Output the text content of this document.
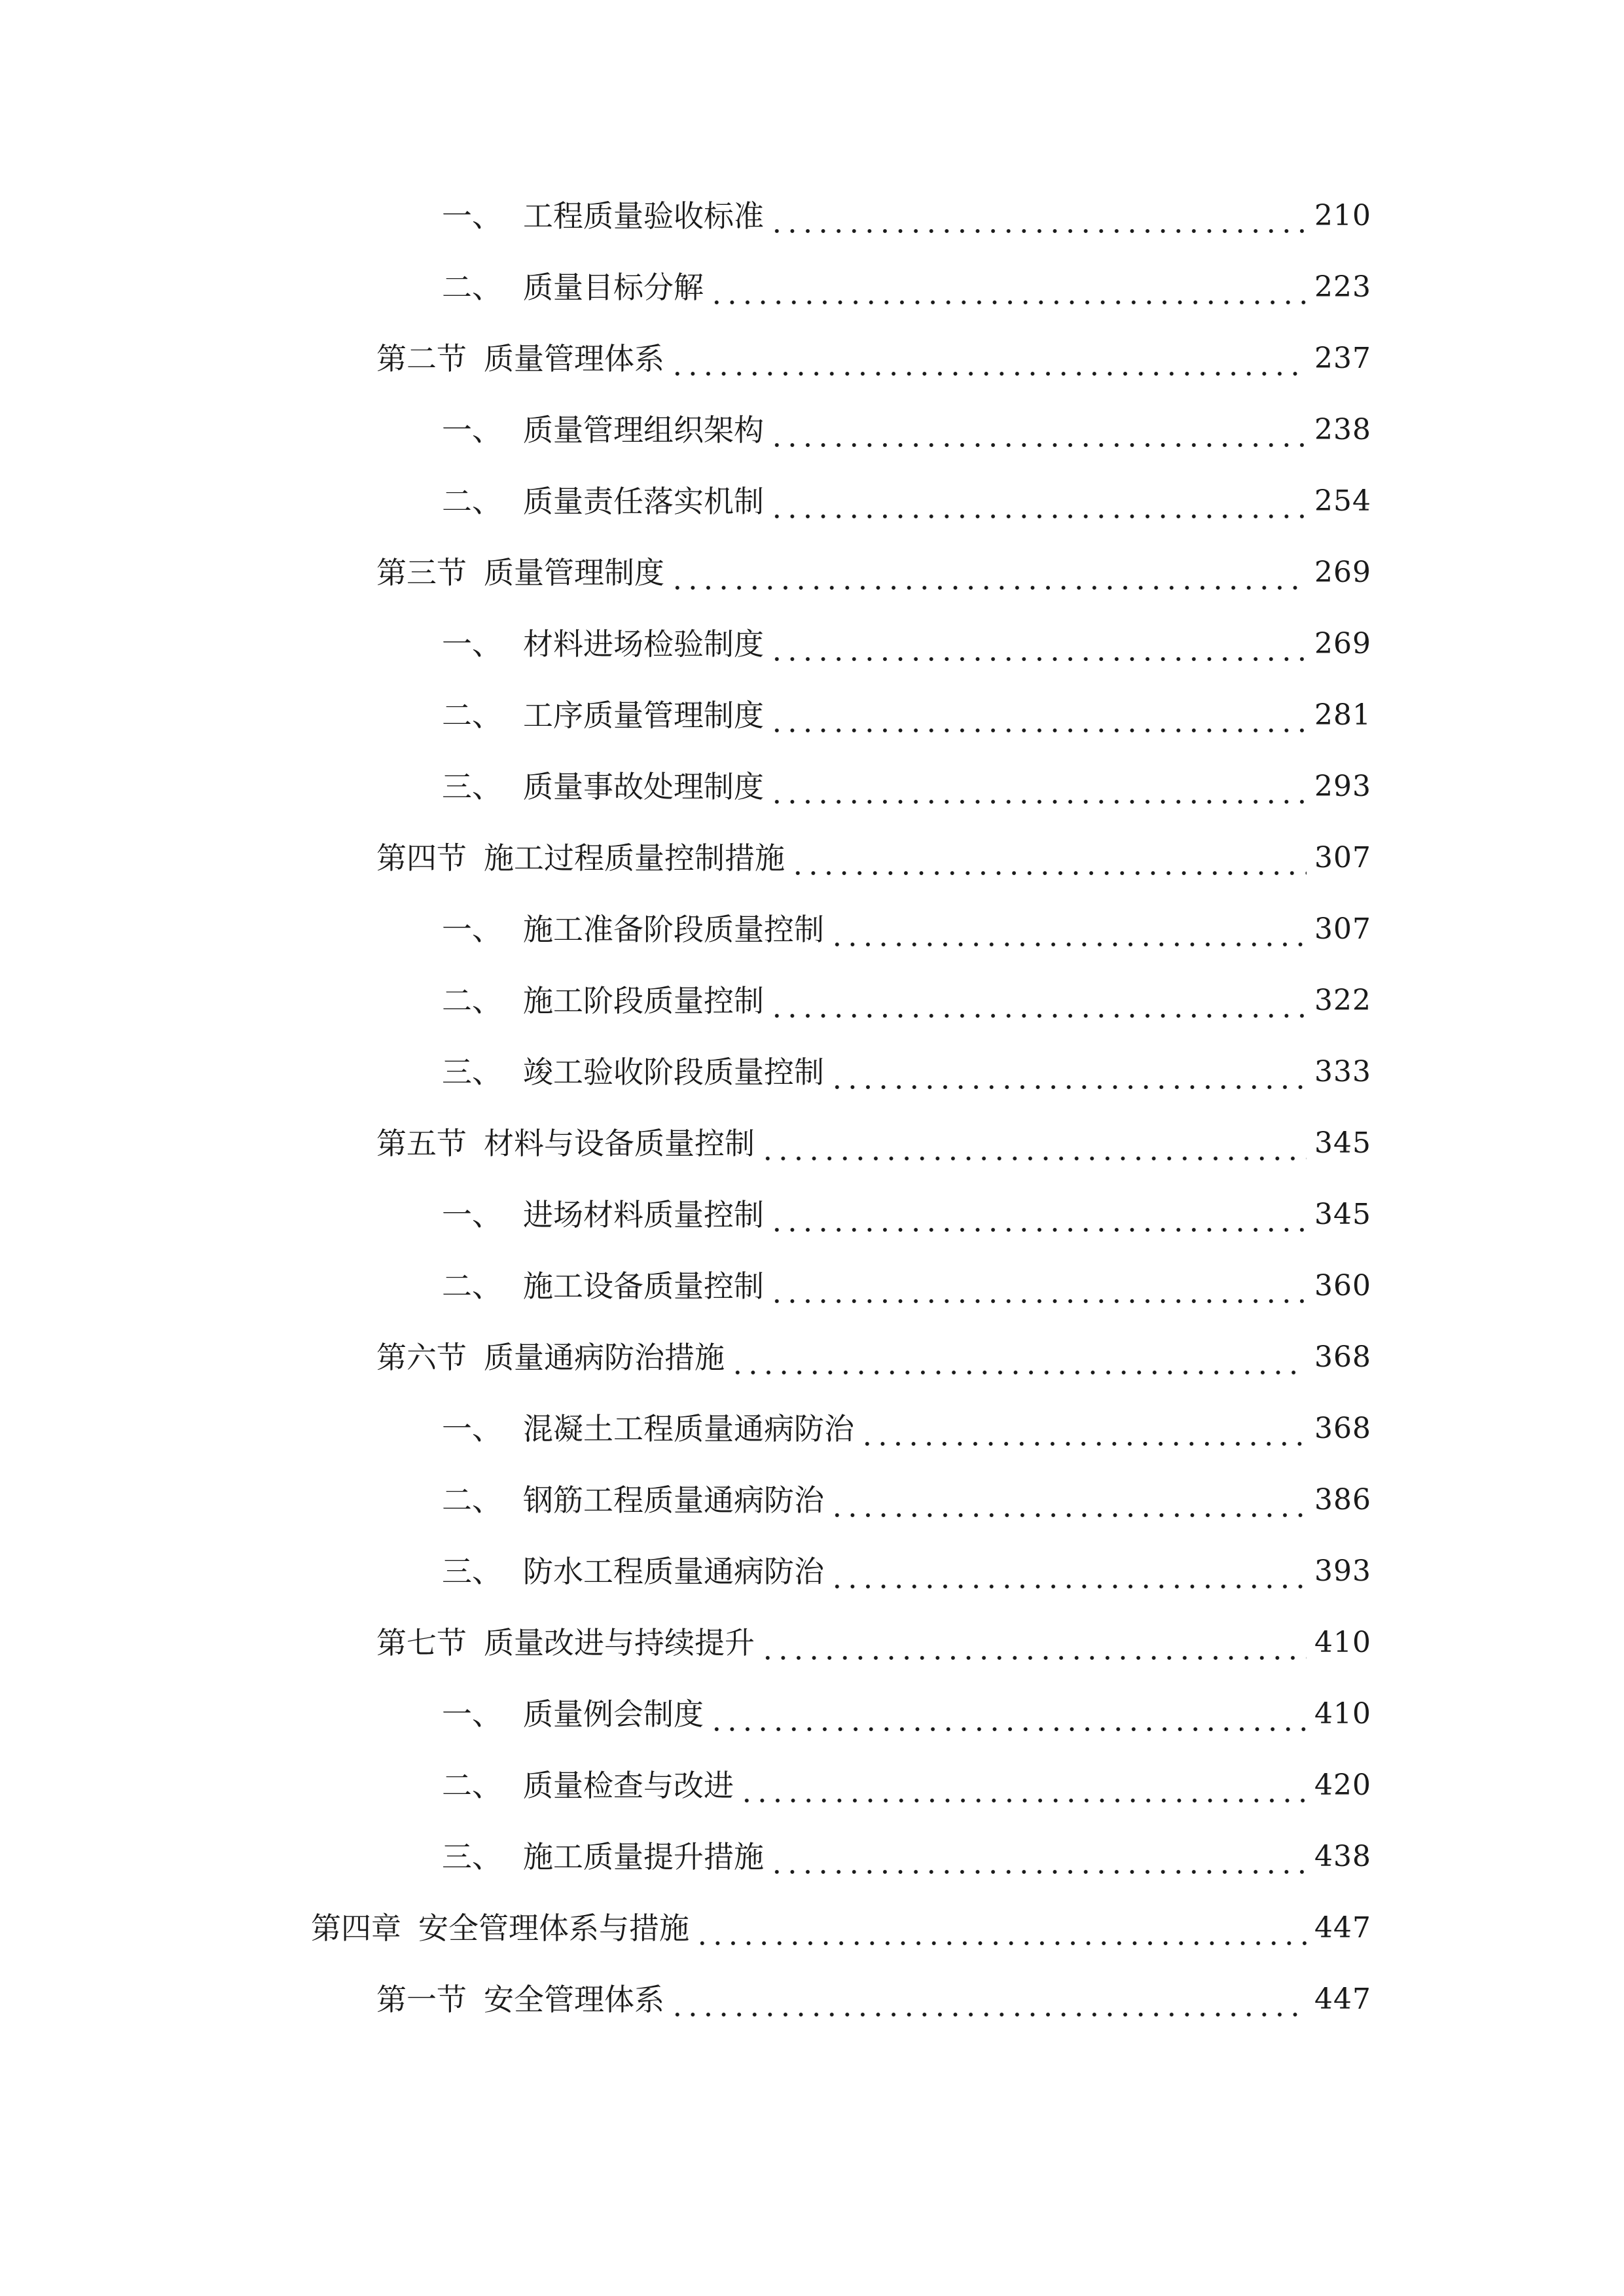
一、 工程质量验收标准	210
二、 质量目标分解	223
第二节 质量管理体系	237
一、 质量管理组织架构	238
二、 质量责任落实机制	254
第三节 质量管理制度	269
一、 材料进场检验制度	269
二、 工序质量管理制度	281
三、 质量事故处理制度	293
第四节 施工过程质量控制措施	307
一、 施工准备阶段质量控制	307
二、 施工阶段质量控制	322
三、 竣工验收阶段质量控制	333
第五节 材料与设备质量控制	345
一、 进场材料质量控制	345
二、 施工设备质量控制	360
第六节 质量通病防治措施	368
一、 混凝土工程质量通病防治	368
二、 钢筋工程质量通病防治	386
三、 防水工程质量通病防治	393
第七节 质量改进与持续提升	410
一、 质量例会制度	410
二、 质量检查与改进	420
三、 施工质量提升措施	438
第四章 安全管理体系与措施	447
第一节 安全管理体系	447
